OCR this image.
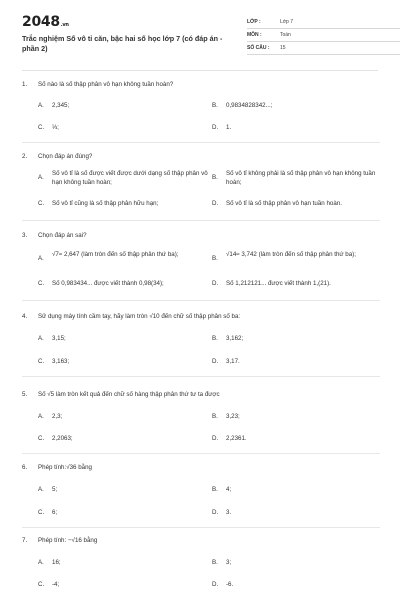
2048.vn
Trắc nghiệm Số vô tỉ căn, bậc hai số học lớp 7 (có đáp án - phần 2)
LỚP :	Lớp 7
MÔN :	Toán
SỐ CÂU : 15
1. Số nào là số thập phân vô hạn không tuần hoàn?
A. 2,345;	B. 0,9834828342...;
C. ⅓;	D. 1.
2. Chọn đáp án đúng?
A.
Số vô tỉ là số được viết được dưới dạng số thập phân vô hạn không tuần hoàn;
B.
Số vô tỉ không phải là số thập phân vô hạn không tuần hoàn;
C. Số vô tỉ cũng là số thập phân hữu hạn;	D. Số vô tỉ là số thập phân vô hạn tuần hoàn.
3. Chọn đáp án sai?
A.
√7≈ 2,647 (làm tròn đến số thập phân thứ ba);
B.
√14≈ 3,742 (làm tròn đến số thập phân thứ ba);
C. Số 0,983434... được viết thành 0,98(34);	D. Số 1,212121... được viết thành 1,(21).
4. Sử dụng máy tính cầm tay, hãy làm tròn √10 đến chữ số thập phân số ba:
A. 3,15;	B. 3,162;
C. 3,163;	D. 3,17.
5. Số √5 làm tròn kết quả đến chữ số hàng thập phân thứ tư ta được
A. 2,3;	B. 3,23;
C. 2,2063;	D. 2,2361.
6. Phép tính:√36 bằng
A. 5;	B. 4;
C. 6;	D. 3.
7. Phép tính: −√16 bằng
A. 16;	B. 3;
C. -4;	D. -6.
